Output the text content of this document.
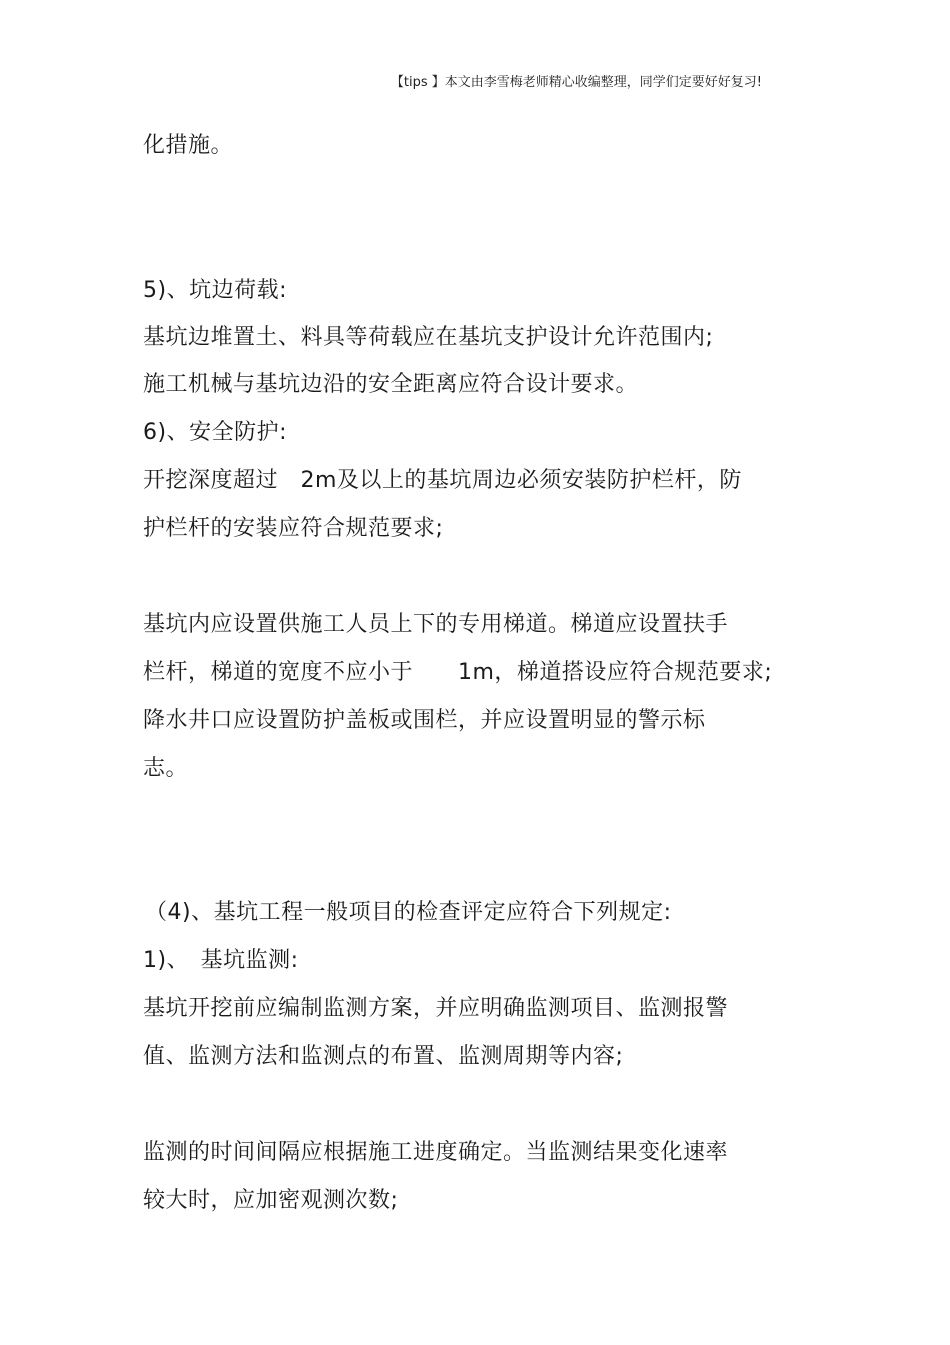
【tips 】本文由李雪梅老师精心收编整理，同学们定要好好复习!
化措施。
5)、坑边荷载:
基坑边堆置土、料具等荷载应在基坑支护设计允许范围内;
施工机械与基坑边沿的安全距离应符合设计要求。
6)、安全防护:
开挖深度超过　2m及以上的基坑周边必须安装防护栏杆，防
护栏杆的安装应符合规范要求;
基坑内应设置供施工人员上下的专用梯道。梯道应设置扶手
栏杆，梯道的宽度不应小于　　1m，梯道搭设应符合规范要求;
降水井口应设置防护盖板或围栏，并应设置明显的警示标
志。
（4)、基坑工程一般项目的检查评定应符合下列规定:
1)、　基坑监测:
基坑开挖前应编制监测方案，并应明确监测项目、监测报警
值、监测方法和监测点的布置、监测周期等内容;
监测的时间间隔应根据施工进度确定。当监测结果变化速率
较大时，应加密观测次数;
